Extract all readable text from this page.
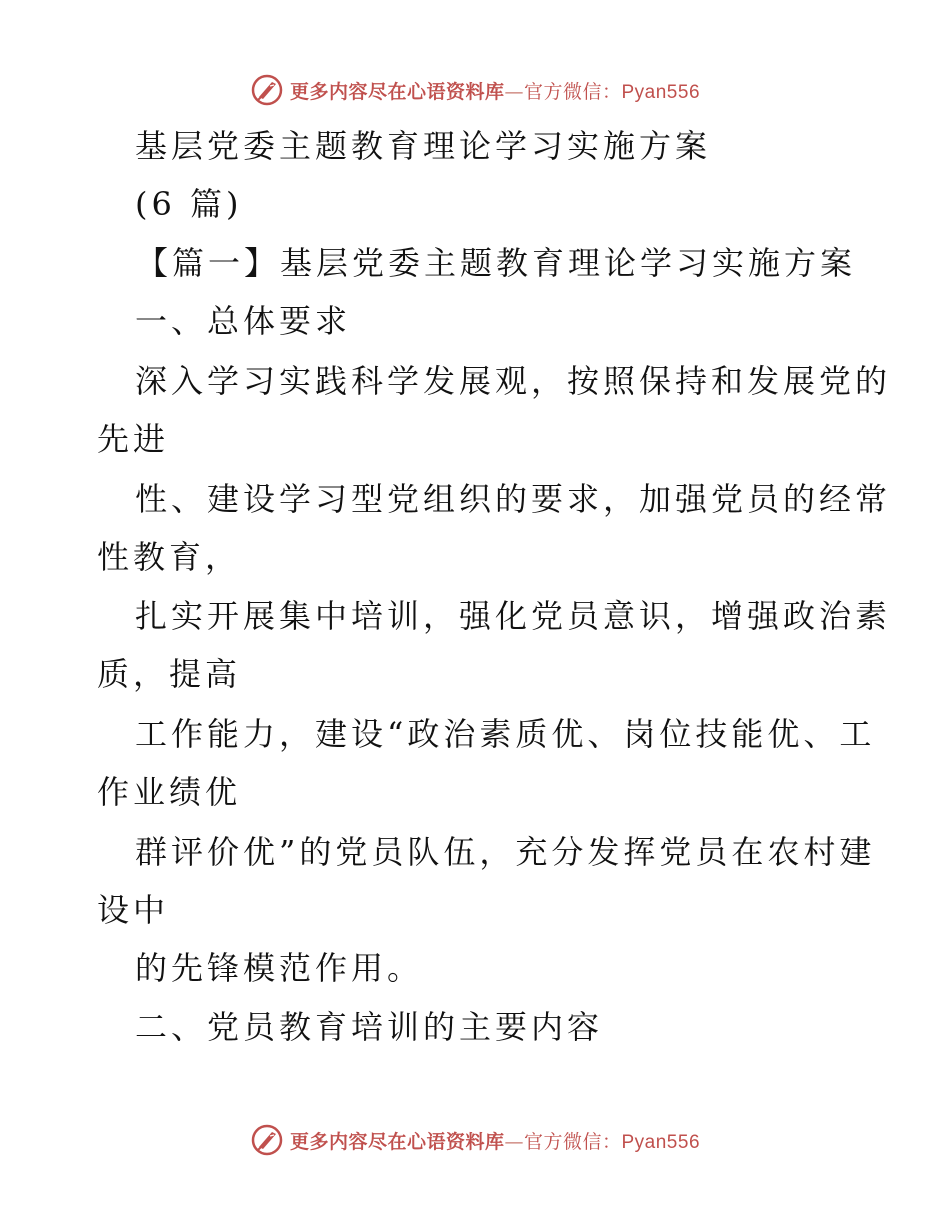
更多内容尽在心语资料库—官方微信：Pyan556
基层党委主题教育理论学习实施方案
(6 篇)
【篇一】基层党委主题教育理论学习实施方案
一、总体要求
深入学习实践科学发展观，按照保持和发展党的
先进
性、建设学习型党组织的要求，加强党员的经常
性教育，
扎实开展集中培训，强化党员意识，增强政治素
质，提高
工作能力，建设“政治素质优、岗位技能优、工
作业绩优
群评价优”的党员队伍，充分发挥党员在农村建
设中
的先锋模范作用。
二、党员教育培训的主要内容
更多内容尽在心语资料库—官方微信：Pyan556
